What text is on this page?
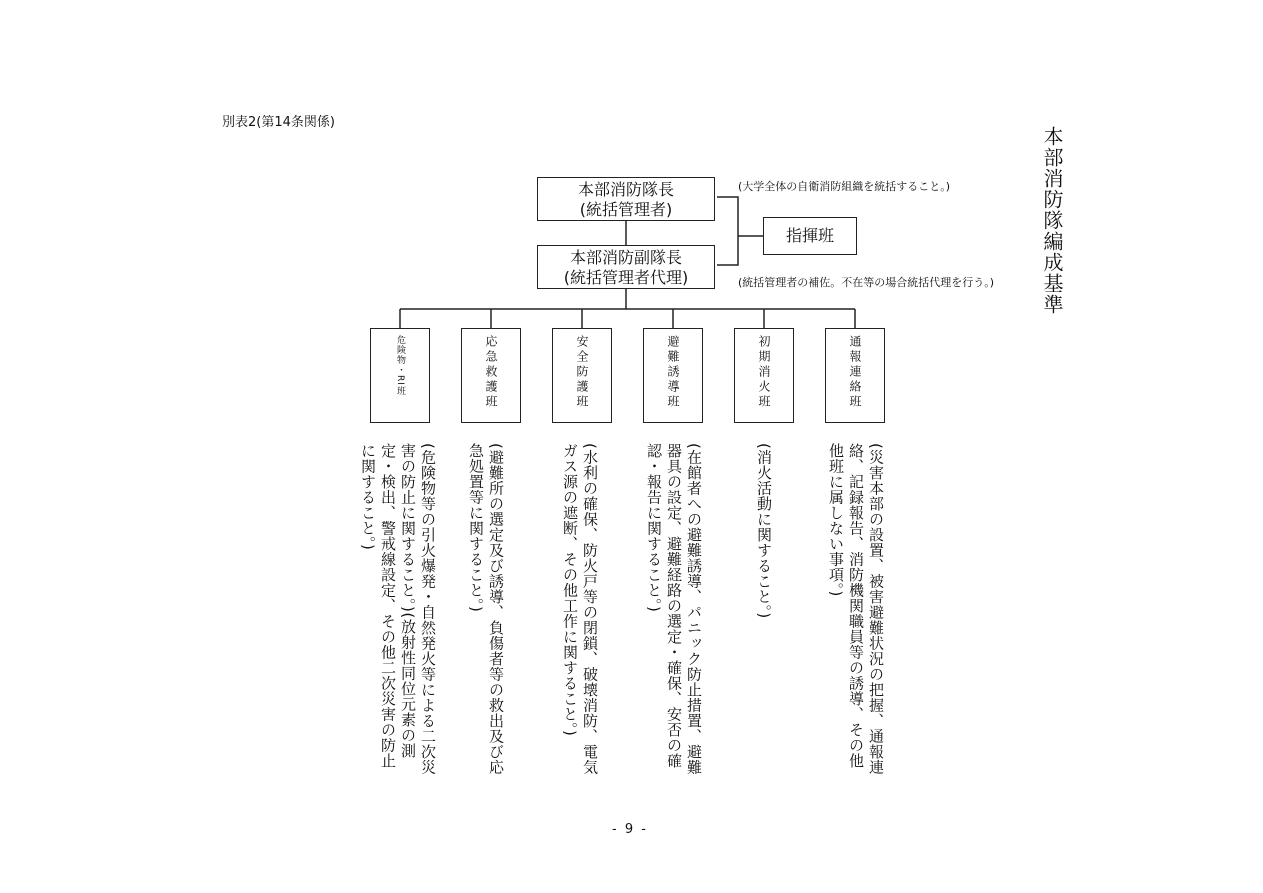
別表2(第14条関係)
本部消防隊編成基準
本部消防隊長
(統括管理者)
(大学全体の自衛消防組織を統括すること。)
本部消防副隊長
(統括管理者代理)	(統括管理者の補佐。不在等の場合統括代理を行う。)
指揮班
危険物・RI班	応急救護班	安全防護班	避難誘導班	初期消火班	通報連絡班
(危険物等の引火爆発・自然発火等による二次災害の防止に関すること。)(放射性同位元素の測定・検出、警戒線設定、その他二次災害の防止に関すること。)	(避難所の選定及び誘導、負傷者等の救出及び応急処置等に関すること。)	(水利の確保、防火戸等の閉鎖、破壊消防、電気ガス源の遮断、その他工作に関すること。)	(在館者への避難誘導、パニック防止措置、避難器具の設定、避難経路の選定・確保、安否の確認・報告に関すること。)	(消火活動に関すること。)	(災害本部の設置、被害避難状況の把握、通報連絡、記録報告、消防機関職員等の誘導、その他他班に属しない事項。)
- 9 -
